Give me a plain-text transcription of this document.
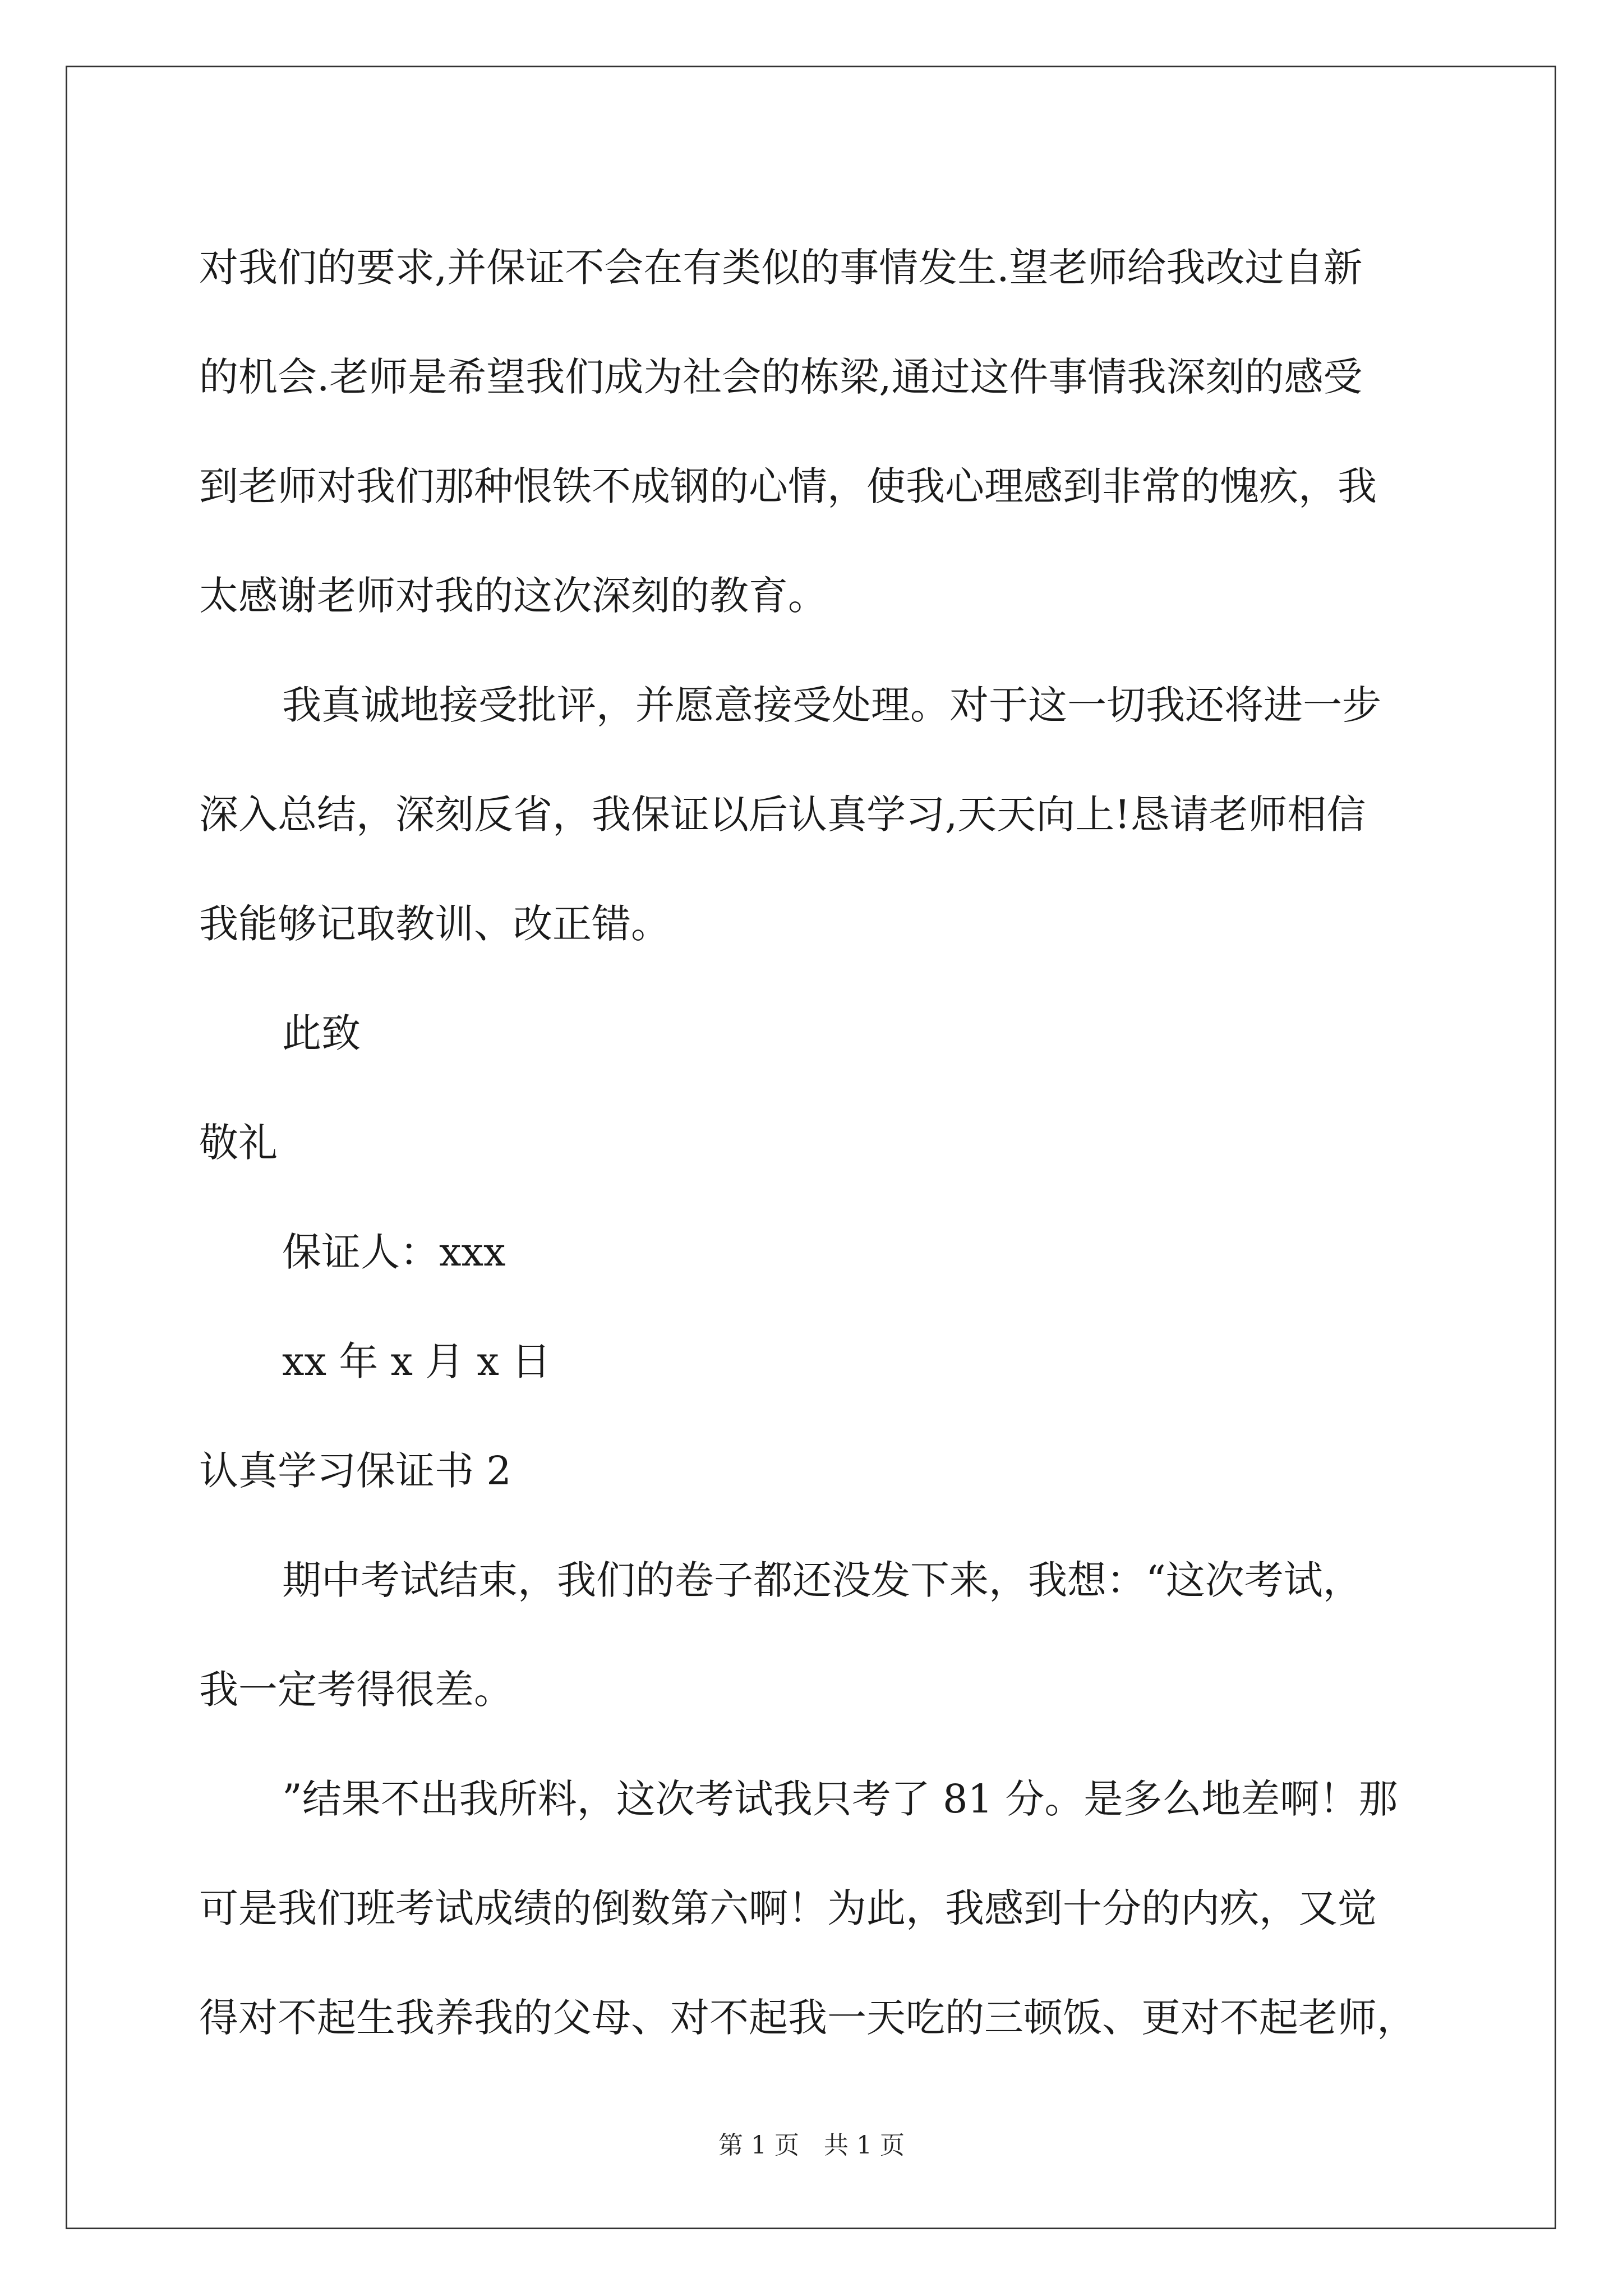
对我们的要求,并保证不会在有类似的事情发生.望老师给我改过自新
的机会.老师是希望我们成为社会的栋梁,通过这件事情我深刻的感受
到老师对我们那种恨铁不成钢的心情，使我心理感到非常的愧疚，我
太感谢老师对我的这次深刻的教育。
我真诚地接受批评，并愿意接受处理。对于这一切我还将进一步
深入总结，深刻反省，我保证以后认真学习,天天向上!恳请老师相信
我能够记取教训、改正错。
此致
敬礼
保证人：xxx
xx 年 x 月 x 日
认真学习保证书 2
期中考试结束，我们的卷子都还没发下来，我想：“这次考试，
我一定考得很差。
”结果不出我所料，这次考试我只考了 81 分。是多么地差啊！那
可是我们班考试成绩的倒数第六啊！为此，我感到十分的内疚，又觉
得对不起生我养我的父母、对不起我一天吃的三顿饭、更对不起老师，
第 1 页　共 1 页
